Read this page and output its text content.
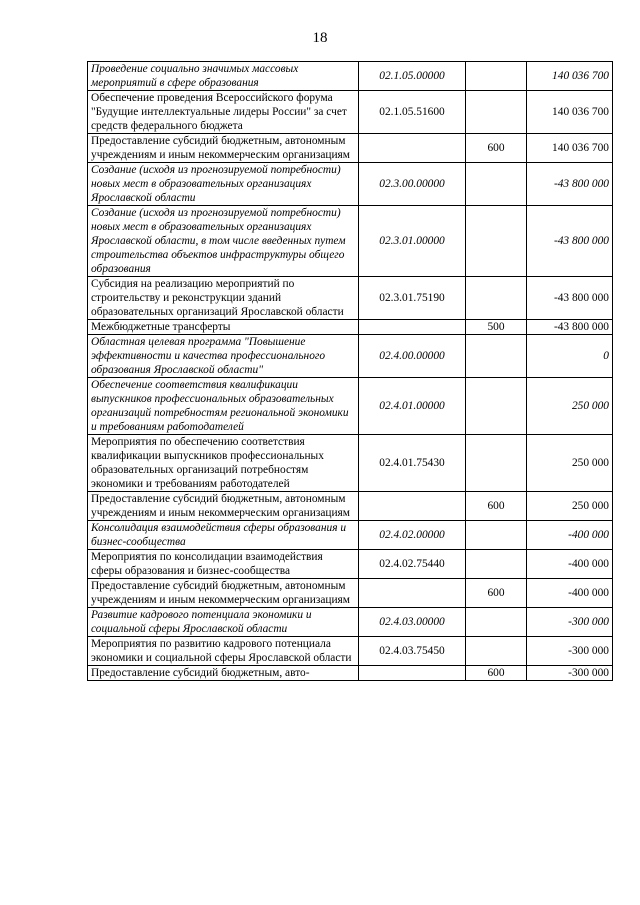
18
Проведение социально значимых массовых мероприятий в сфере образования	02.1.05.00000		140 036 700
Обеспечение проведения Всероссийского форума "Будущие интеллектуальные лидеры России" за счет средств федерального бюджета	02.1.05.51600		140 036 700
Предоставление субсидий бюджетным, автономным учреждениям и иным некоммерческим организациям		600	140 036 700
Создание (исходя из прогнозируемой потребности) новых мест в образовательных организациях Ярославской области	02.3.00.00000		-43 800 000
Создание (исходя из прогнозируемой потребности) новых мест в образовательных организациях Ярославской области, в том числе введенных путем строительства объектов инфраструктуры общего образования	02.3.01.00000		-43 800 000
Субсидия на реализацию мероприятий по строительству и реконструкции зданий образовательных организаций Ярославской области	02.3.01.75190		-43 800 000
Межбюджетные трансферты		500	-43 800 000
Областная целевая программа "Повышение эффективности и качества профессионального образования Ярославской области"	02.4.00.00000		0
Обеспечение соответствия квалификации выпускников профессиональных образовательных организаций потребностям региональной экономики и требованиям работодателей	02.4.01.00000		250 000
Мероприятия по обеспечению соответствия квалификации выпускников профессиональных образовательных организаций потребностям экономики и требованиям работодателей	02.4.01.75430		250 000
Предоставление субсидий бюджетным, автономным учреждениям и иным некоммерческим организациям		600	250 000
Консолидация взаимодействия сферы образования и бизнес-сообщества	02.4.02.00000		-400 000
Мероприятия по консолидации взаимодействия сферы образования и бизнес-сообщества	02.4.02.75440		-400 000
Предоставление субсидий бюджетным, автономным учреждениям и иным некоммерческим организациям		600	-400 000
Развитие кадрового потенциала экономики и социальной сферы Ярославской области	02.4.03.00000		-300 000
Мероприятия по развитию кадрового потенциала экономики и социальной сферы Ярославской области	02.4.03.75450		-300 000
Предоставление субсидий бюджетным, авто-		600	-300 000
